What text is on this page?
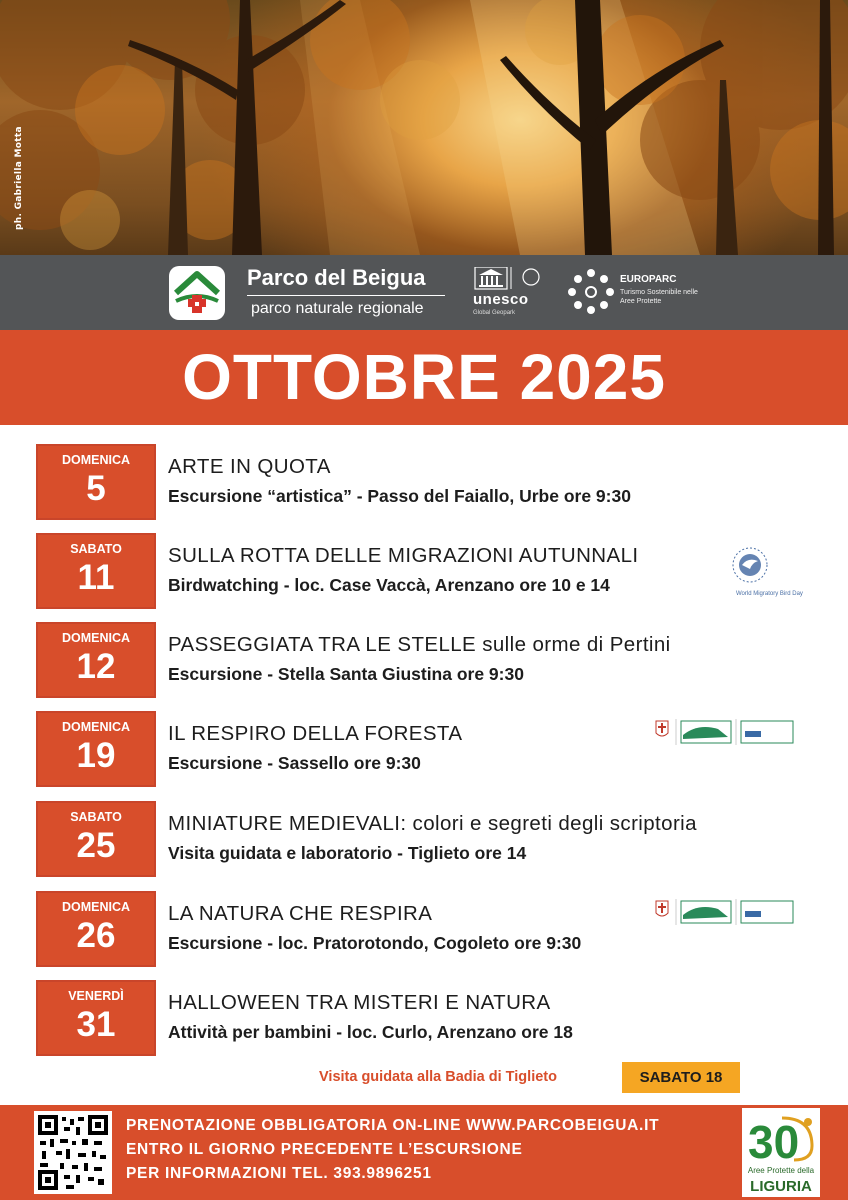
ph. Gabriella Motta
Parco del Beigua
parco naturale regionale
unesco
Global Geopark
EUROPARC
Turismo Sostenibile nelle Aree Protette
OTTOBRE 2025
DOMENICA
5
ARTE IN QUOTA
Escursione “artistica” - Passo del Faiallo, Urbe ore 9:30
SABATO
11
SULLA ROTTA DELLE MIGRAZIONI AUTUNNALI
Birdwatching - loc. Case Vaccà, Arenzano ore 10 e 14	World Migratory Bird Day
DOMENICA
12
PASSEGGIATA TRA LE STELLE sulle orme di Pertini
Escursione - Stella Santa Giustina ore 9:30
DOMENICA
19
IL RESPIRO DELLA FORESTA
Escursione - Sassello ore 9:30
SABATO
25
MINIATURE MEDIEVALI: colori e segreti degli scriptoria
Visita guidata e laboratorio - Tiglieto ore 14
DOMENICA
26
LA NATURA CHE RESPIRA
Escursione - loc. Pratorotondo, Cogoleto ore 9:30
VENERDÌ
31
HALLOWEEN TRA MISTERI E NATURA
Attività per bambini - loc. Curlo, Arenzano ore 18
Visita guidata alla Badia di Tiglieto	SABATO 18
PRENOTAZIONE OBBLIGATORIA ON-LINE WWW.PARCOBEIGUA.IT
ENTRO IL GIORNO PRECEDENTE L’ESCURSIONE
PER INFORMAZIONI TEL. 393.9896251
30
Aree Protette della
LIGURIA
